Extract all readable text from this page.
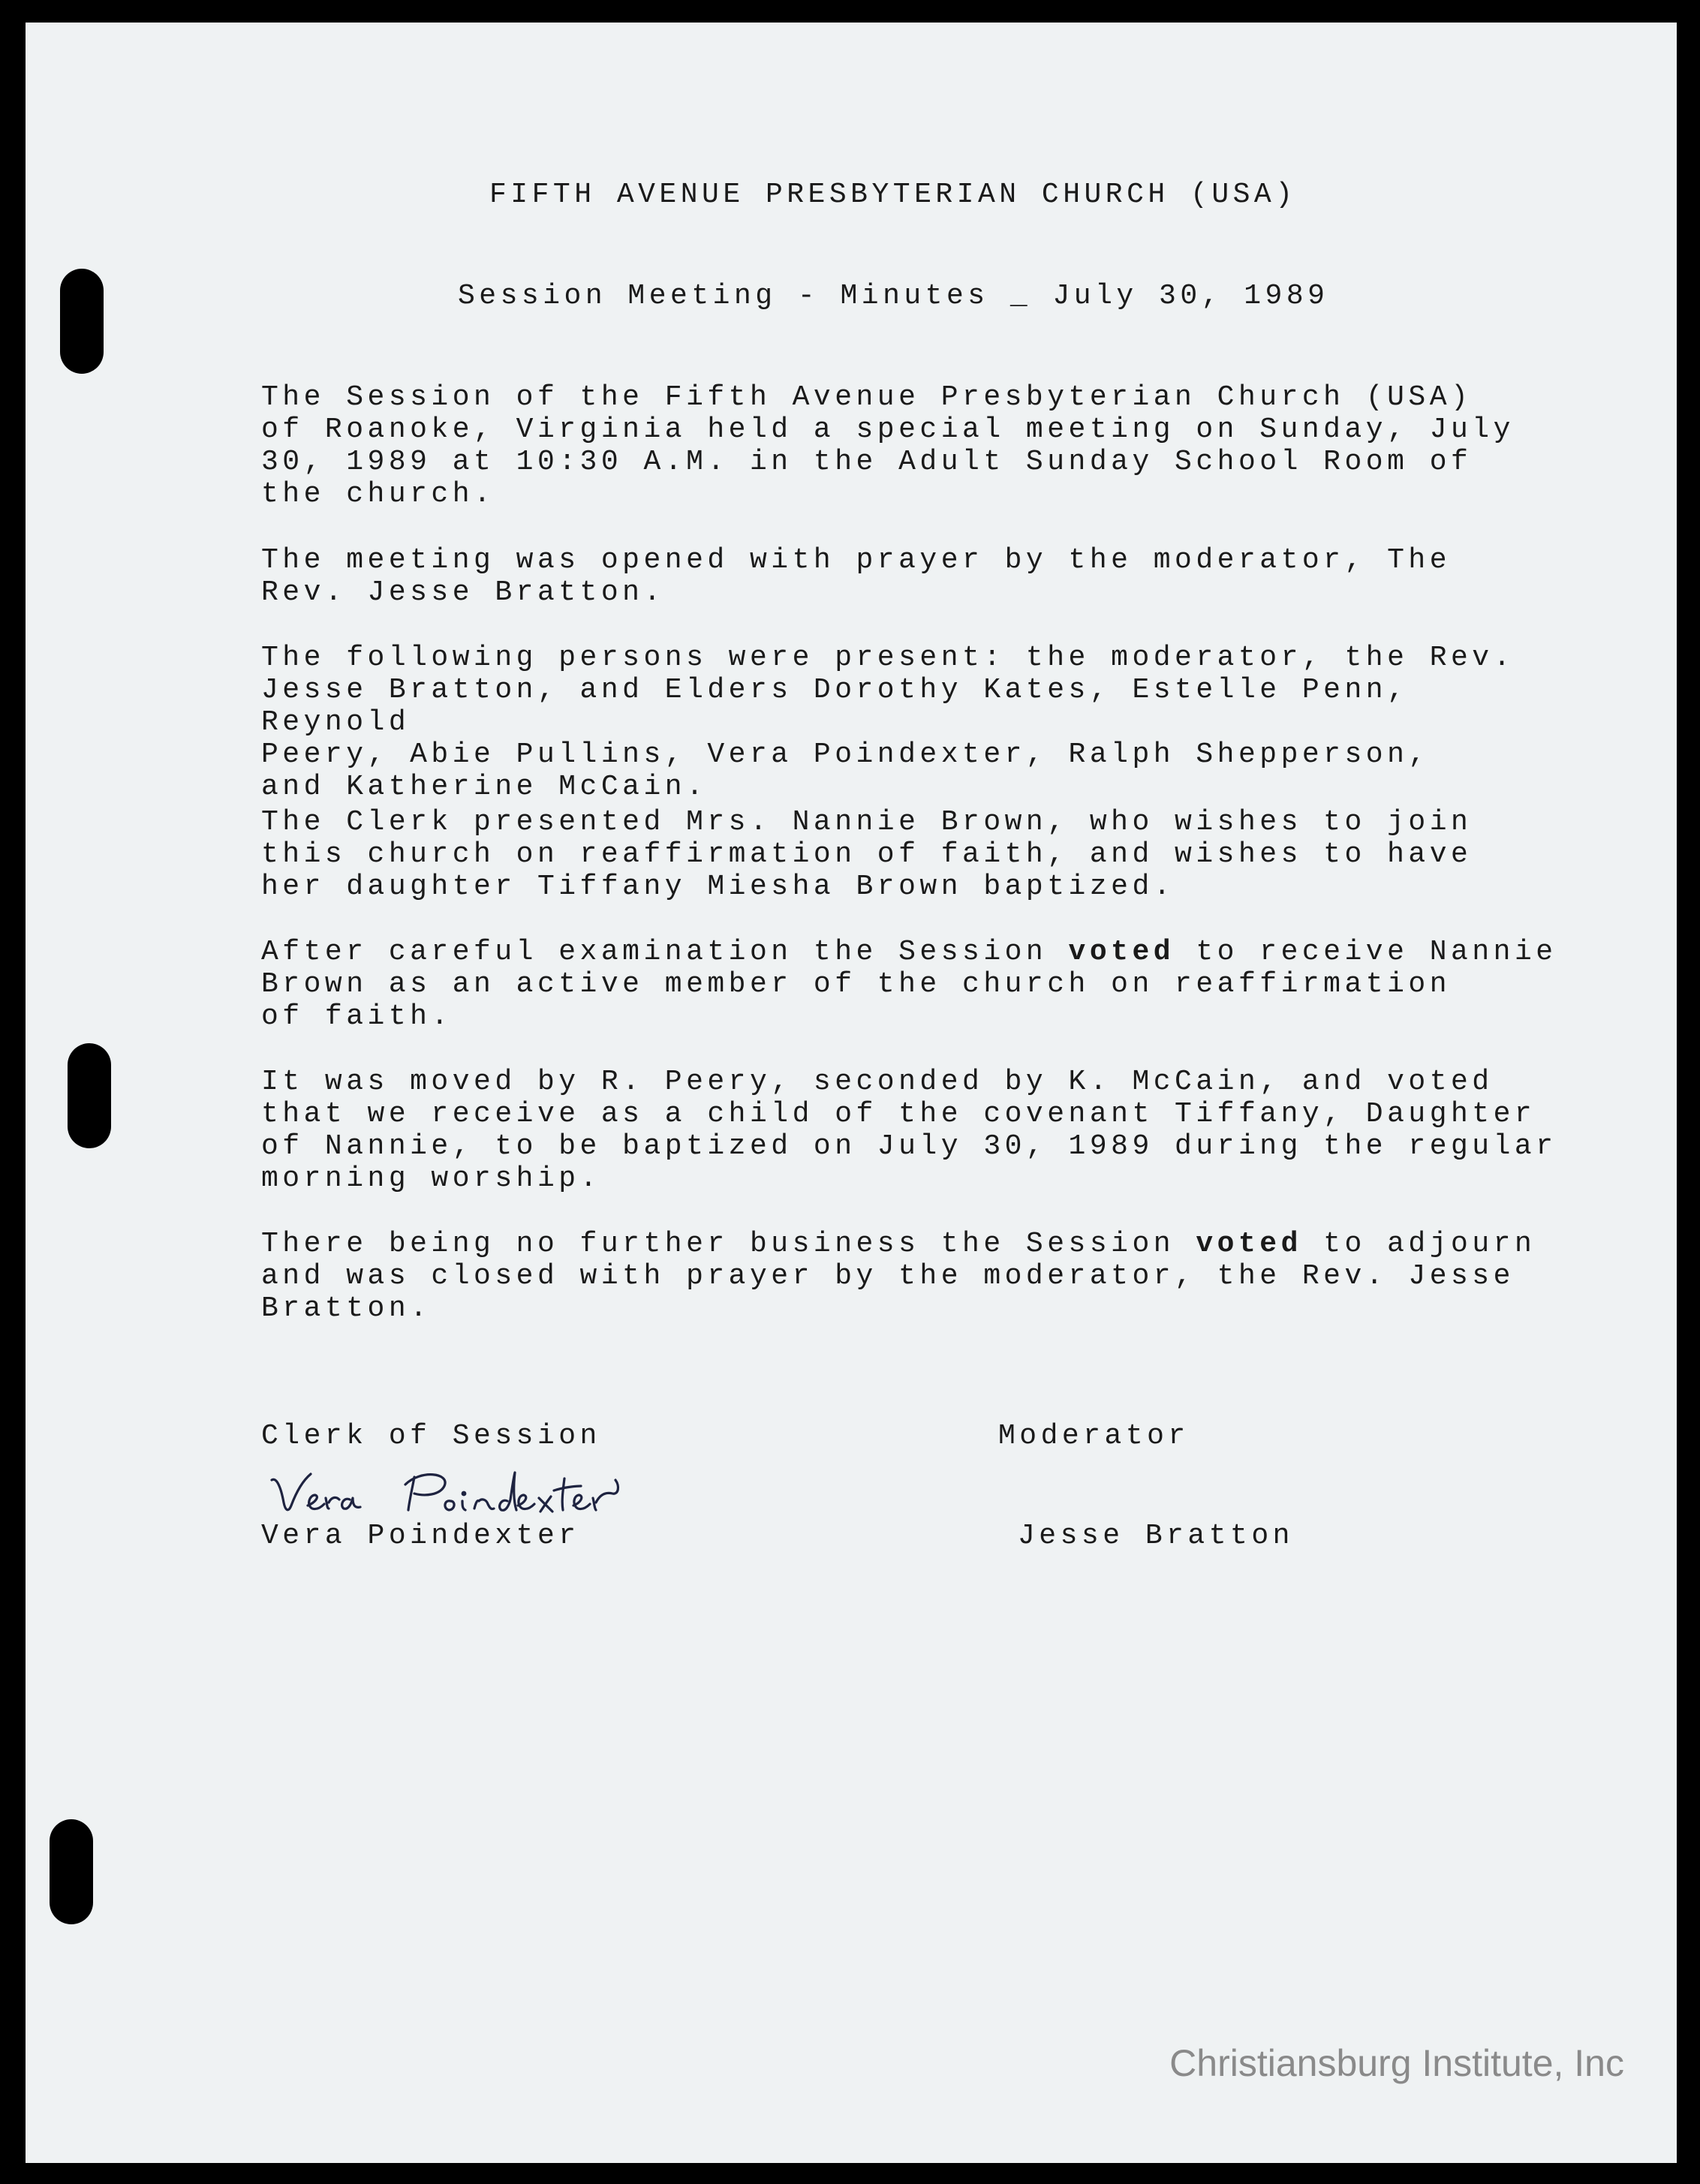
FIFTH AVENUE PRESBYTERIAN CHURCH (USA)
Session Meeting - Minutes _ July 30, 1989
The Session of the Fifth Avenue Presbyterian Church (USA)
of Roanoke, Virginia held a special meeting on Sunday, July
30, 1989 at 10:30 A.M. in the Adult Sunday School Room of
the church.
The meeting was opened with prayer by the moderator, The
Rev. Jesse Bratton.
The following persons were present: the moderator, the Rev.
Jesse Bratton, and Elders Dorothy Kates, Estelle Penn, Reynold
Peery, Abie Pullins, Vera Poindexter, Ralph Shepperson,
and Katherine McCain.
The Clerk presented Mrs. Nannie Brown, who wishes to join
this church on reaffirmation of faith, and wishes to have
her daughter Tiffany Miesha Brown baptized.
After careful examination the Session voted to receive Nannie
Brown as an active member of the church on reaffirmation
of faith.
It was moved by R. Peery, seconded by K. McCain, and voted
that we receive as a child of the covenant Tiffany, Daughter
of Nannie, to be baptized on July 30, 1989 during the regular
morning worship.
There being no further business the Session voted to adjourn
and was closed with prayer by the moderator, the Rev. Jesse
Bratton.
Clerk of Session	Moderator
Vera Poindexter	Jesse Bratton
Christiansburg Institute, Inc
